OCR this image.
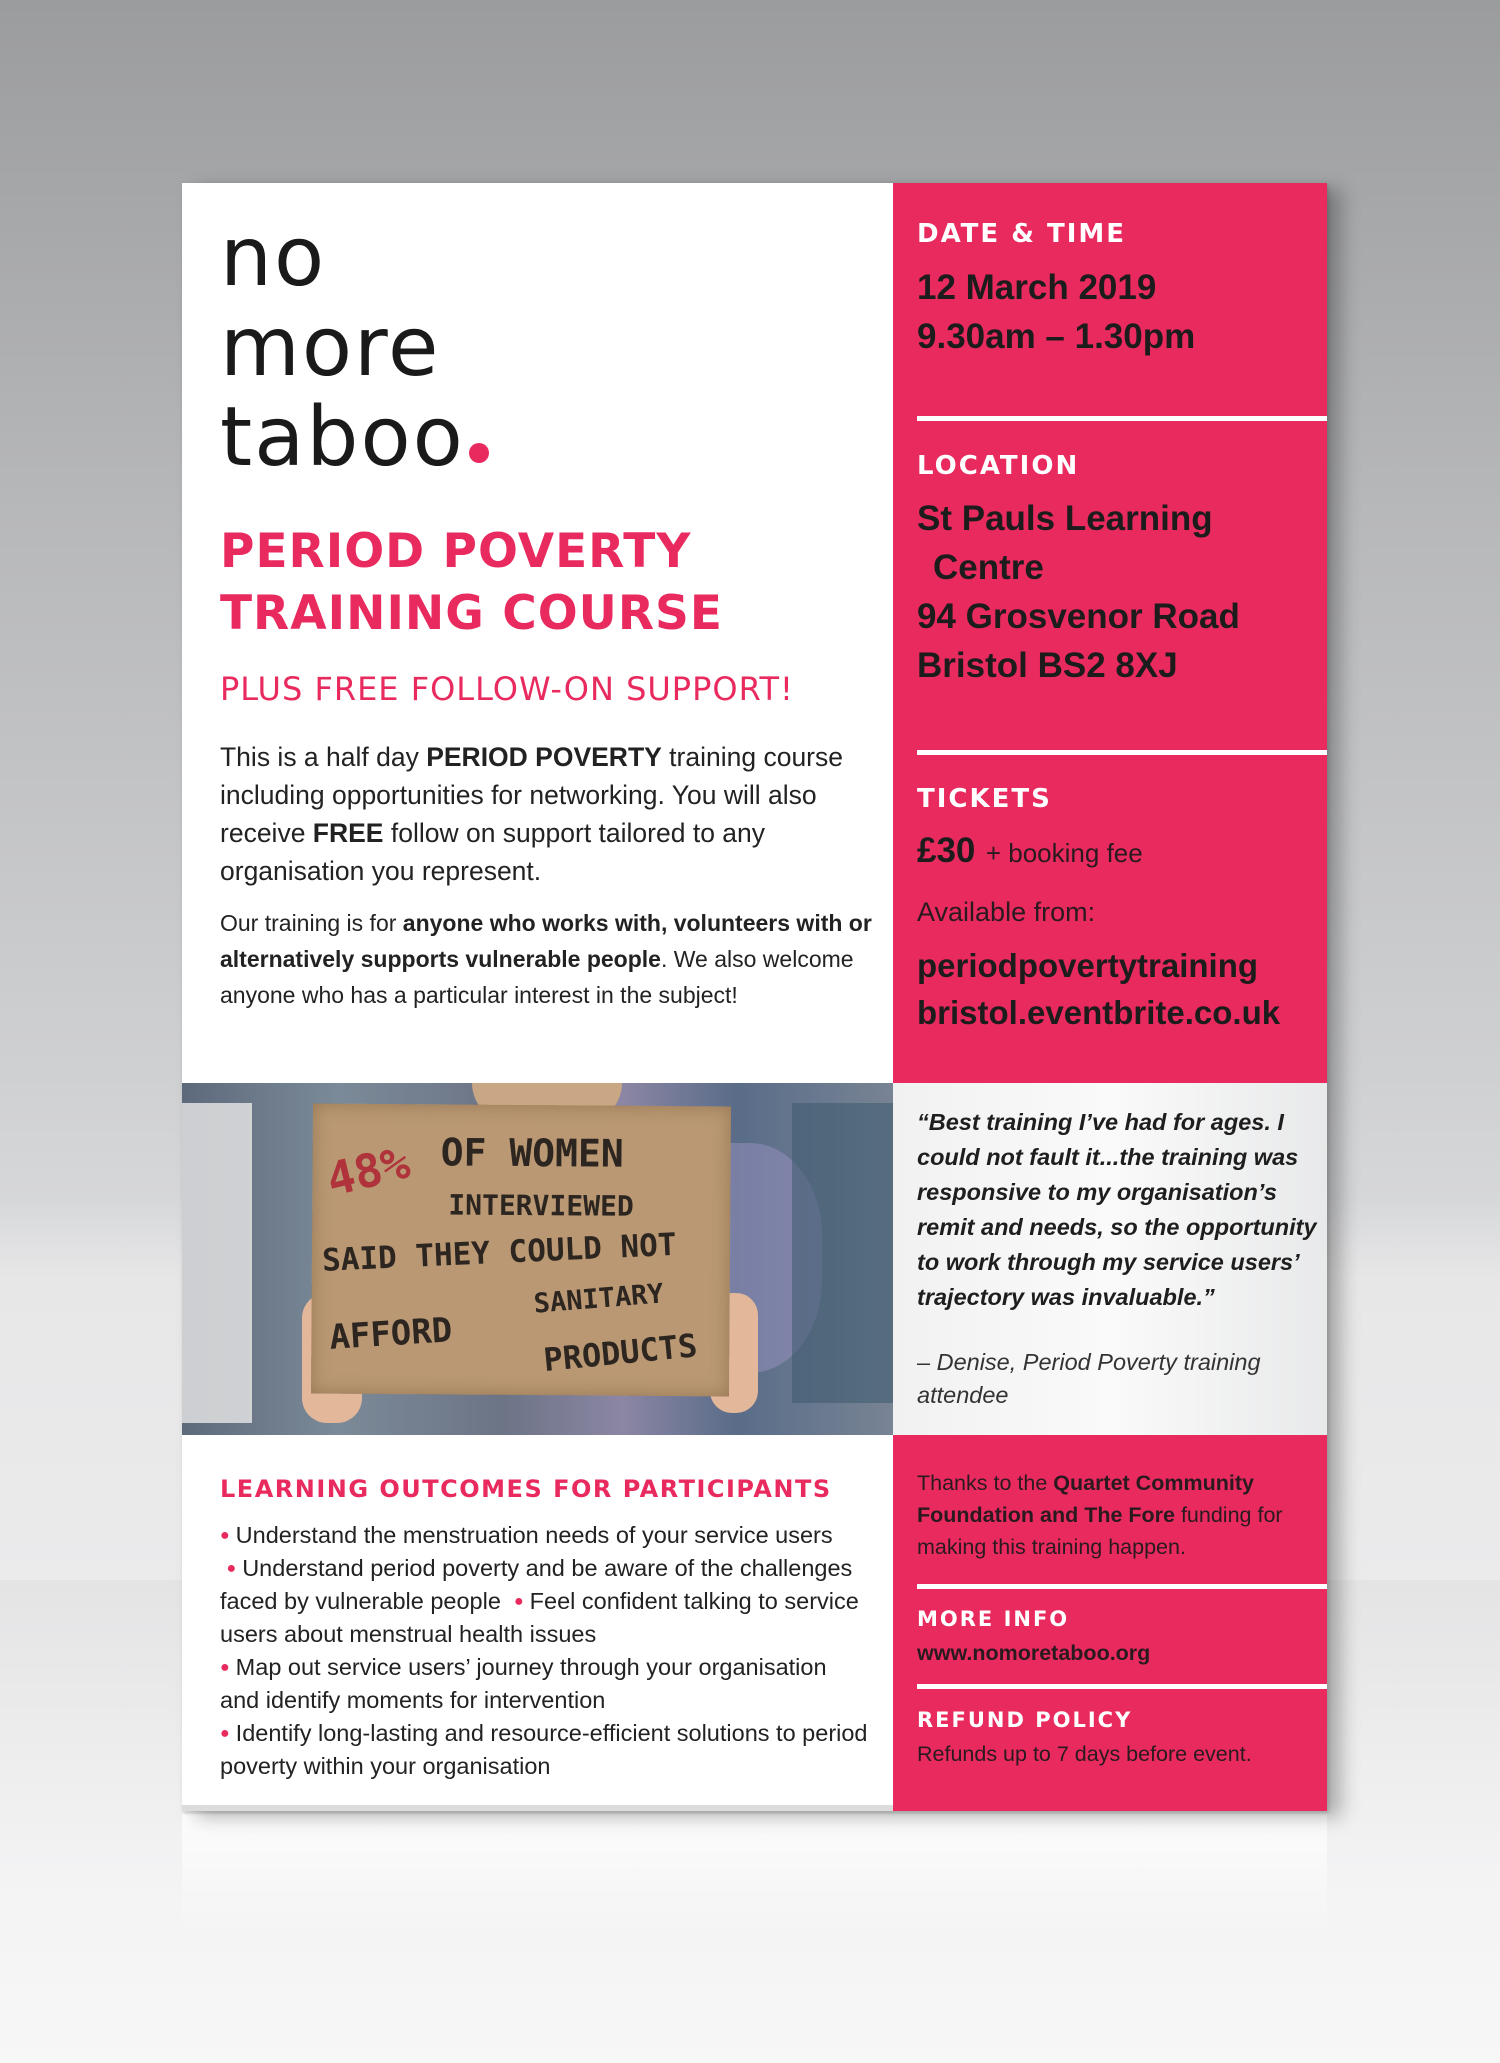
no
more
taboo
PERIOD POVERTY
TRAINING COURSE
PLUS FREE FOLLOW-ON SUPPORT!
This is a half day PERIOD POVERTY training course including opportunities for networking. You will also receive FREE follow on support tailored to any organisation you represent.
Our training is for anyone who works with, volunteers with or alternatively supports vulnerable people. We also welcome anyone who has a particular interest in the subject!
DATE & TIME
12 March 2019
9.30am – 1.30pm
LOCATION
St Pauls Learning
Centre
94 Grosvenor Road
Bristol BS2 8XJ
TICKETS
£30 + booking fee
Available from:
periodpovertytraining
bristol.eventbrite.co.uk
48% OF WOMEN
INTERVIEWED
SAID THEY COULD NOT
SANITARY
AFFORD	PRODUCTS
“Best training I’ve had for ages. I could not fault it...the training was responsive to my organisation’s remit and needs, so the opportunity to work through my service users’ trajectory was invaluable.”
– Denise, Period Poverty training attendee
LEARNING OUTCOMES FOR PARTICIPANTS
● Understand the menstruation needs of your service users  ● Understand period poverty and be aware of the challenges faced by vulnerable people ● Feel confident talking to service users about menstrual health issues
● Map out service users’ journey through your organisation and identify moments for intervention
● Identify long-lasting and resource-efficient solutions to period poverty within your organisation
Thanks to the Quartet Community Foundation and The Fore funding for making this training happen.
MORE INFO
www.nomoretaboo.org
REFUND POLICY
Refunds up to 7 days before event.
